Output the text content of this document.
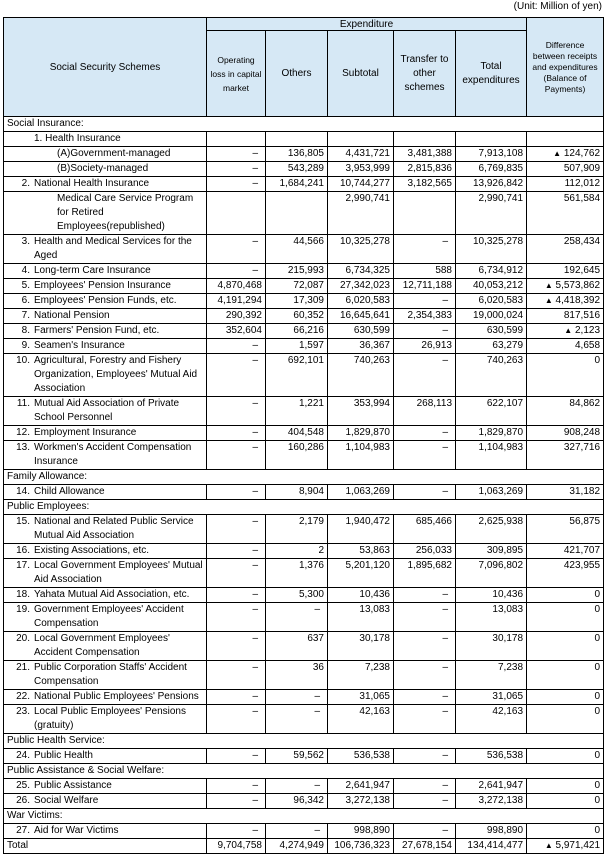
(Unit: Million of yen)
Social Security Schemes	Expenditure					Difference between receipts and expenditures (Balance of Payments)
	Operating loss in capital market	Others	Subtotal	Transfer to other schemes	Total expenditures	
Social Insurance:						

1. Health Insurance						

(A)Government-managed	–	136,805	4,431,721	3,481,388	7,913,108	▲ 124,762

(B)Society-managed	–	543,289	3,953,999	2,815,836	6,769,835	507,909

2. National Health Insurance	–	1,684,241	10,744,277	3,182,565	13,926,842	112,012

Medical Care Service Program for Retired Employees(republished)			2,990,741		2,990,741	561,584

3. Health and Medical Services for the Aged	–	44,566	10,325,278	–	10,325,278	258,434

4. Long-term Care Insurance	–	215,993	6,734,325	588	6,734,912	192,645

5. Employees' Pension Insurance	4,870,468	72,087	27,342,023	12,711,188	40,053,212	▲ 5,573,862

6. Employees' Pension Funds, etc.	4,191,294	17,309	6,020,583	–	6,020,583	▲ 4,418,392

7. National Pension	290,392	60,352	16,645,641	2,354,383	19,000,024	817,516

8. Farmers' Pension Fund, etc.	352,604	66,216	630,599	–	630,599	▲ 2,123

9. Seamen's Insurance	–	1,597	36,367	26,913	63,279	4,658

10. Agricultural, Forestry and Fishery Organization, Employees' Mutual Aid Association	–	692,101	740,263	–	740,263	0

11. Mutual Aid Association of Private School Personnel	–	1,221	353,994	268,113	622,107	84,862

12. Employment Insurance	–	404,548	1,829,870	–	1,829,870	908,248

13. Workmen's Accident Compensation Insurance	–	160,286	1,104,983	–	1,104,983	327,716
Family Allowance:						

14. Child Allowance	–	8,904	1,063,269	–	1,063,269	31,182
Public Employees:						

15. National and Related Public Service Mutual Aid Association	–	2,179	1,940,472	685,466	2,625,938	56,875

16. Existing Associations, etc.	–	2	53,863	256,033	309,895	421,707

17. Local Government Employees' Mutual Aid Association	–	1,376	5,201,120	1,895,682	7,096,802	423,955

18. Yahata Mutual Aid Association, etc.	–	5,300	10,436	–	10,436	0

19. Government Employees' Accident Compensation	–	–	13,083	–	13,083	0

20. Local Government Employees' Accident Compensation	–	637	30,178	–	30,178	0

21. Public Corporation Staffs' Accident Compensation	–	36	7,238	–	7,238	0

22. National Public Employees' Pensions	–	–	31,065	–	31,065	0

23. Local Public Employees' Pensions (gratuity)	–	–	42,163	–	42,163	0
Public Health Service:						

24. Public Health	–	59,562	536,538	–	536,538	0
Public Assistance & Social Welfare:						

25. Public Assistance	–	–	2,641,947	–	2,641,947	0

26. Social Welfare	–	96,342	3,272,138	–	3,272,138	0
War Victims:						

27. Aid for War Victims	–	–	998,890	–	998,890	0
Total	9,704,758	4,274,949	106,736,323	27,678,154	134,414,477	▲ 5,971,421
